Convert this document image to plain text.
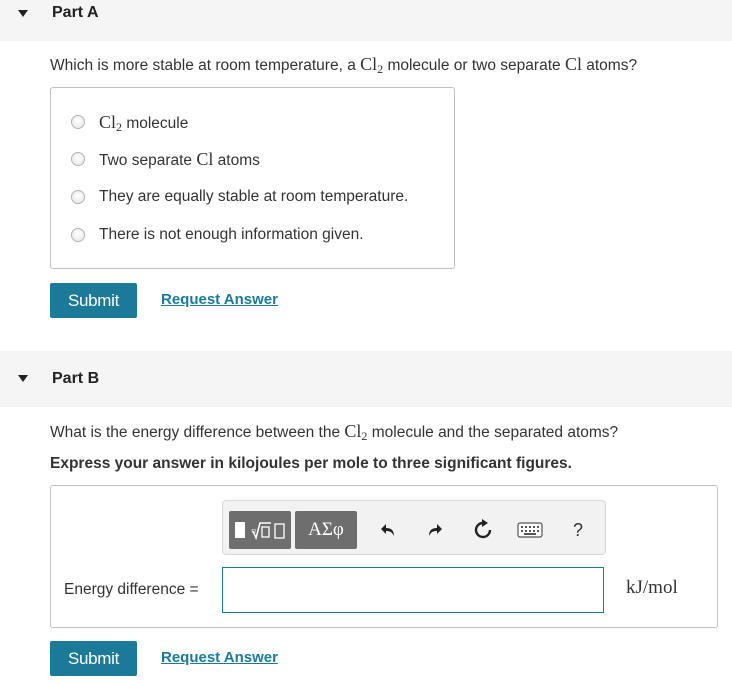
Part A
Which is more stable at room temperature, a $Cl_2$ molecule or two separate Cl atoms?
$Cl_2$ molecule
Two separate Cl atoms
They are equally stable at room temperature.
There is not enough information given.
Submit	Request Answer
Part B
What is the energy difference between the $Cl_2$ molecule and the separated atoms?
Express your answer in kilojoules per mole to three significant figures.
▫	ΑΣφ	?
Energy difference =	kJ/mol
Submit	Request Answer
